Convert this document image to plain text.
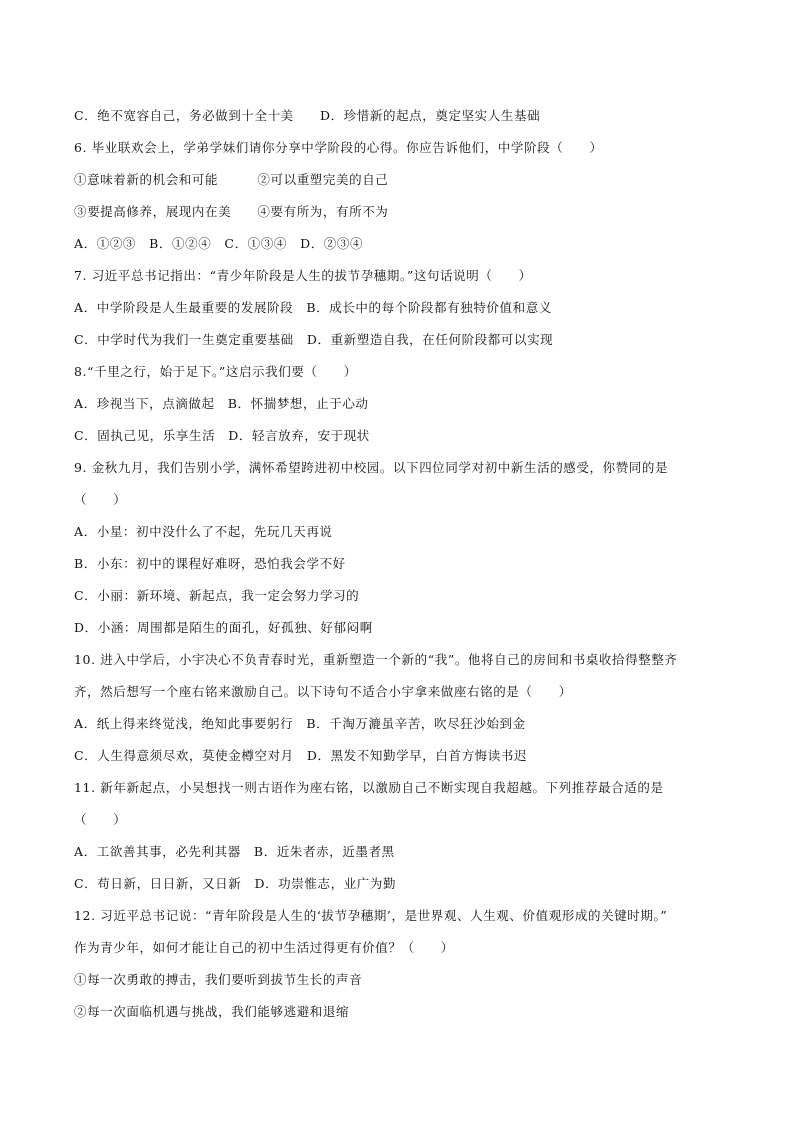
C．绝不宽容自己，务必做到十全十美　　D．珍惜新的起点，奠定坚实人生基础
6. 毕业联欢会上，学弟学妹们请你分享中学阶段的心得。你应告诉他们，中学阶段（　　）
①意味着新的机会和可能　　　②可以重塑完美的自己
③要提高修养，展现内在美　　④要有所为，有所不为
A．①②③　B．①②④　C．①③④　D．②③④
7. 习近平总书记指出：“青少年阶段是人生的拔节孕穗期。”这句话说明（　　）
A．中学阶段是人生最重要的发展阶段　B．成长中的每个阶段都有独特价值和意义
C．中学时代为我们一生奠定重要基础　D．重新塑造自我，在任何阶段都可以实现
8.“千里之行，始于足下。”这启示我们要（　　）
A．珍视当下，点滴做起　B．怀揣梦想，止于心动
C．固执己见，乐享生活　D．轻言放弃，安于现状
9. 金秋九月，我们告别小学，满怀希望跨进初中校园。以下四位同学对初中新生活的感受，你赞同的是
（　　）
A．小星：初中没什么了不起，先玩几天再说
B．小东：初中的课程好难呀，恐怕我会学不好
C．小丽：新环境、新起点，我一定会努力学习的
D．小涵：周围都是陌生的面孔，好孤独、好郁闷啊
10. 进入中学后，小宇决心不负青春时光，重新塑造一个新的“我”。他将自己的房间和书桌收拾得整整齐
齐，然后想写一个座右铭来激励自己。以下诗句不适合小宇拿来做座右铭的是（　　）
A．纸上得来终觉浅，绝知此事要躬行　B．千淘万漉虽辛苦，吹尽狂沙始到金
C．人生得意须尽欢，莫使金樽空对月　D．黑发不知勤学早，白首方悔读书迟
11. 新年新起点，小吴想找一则古语作为座右铭，以激励自己不断实现自我超越。下列推荐最合适的是
（　　）
A．工欲善其事，必先利其器　B．近朱者赤，近墨者黑
C．苟日新，日日新，又日新　D．功崇惟志，业广为勤
12. 习近平总书记说：“青年阶段是人生的‘拔节孕穗期’，是世界观、人生观、价值观形成的关键时期。”
作为青少年，如何才能让自己的初中生活过得更有价值？（　　）
①每一次勇敢的搏击，我们要听到拔节生长的声音
②每一次面临机遇与挑战，我们能够逃避和退缩
